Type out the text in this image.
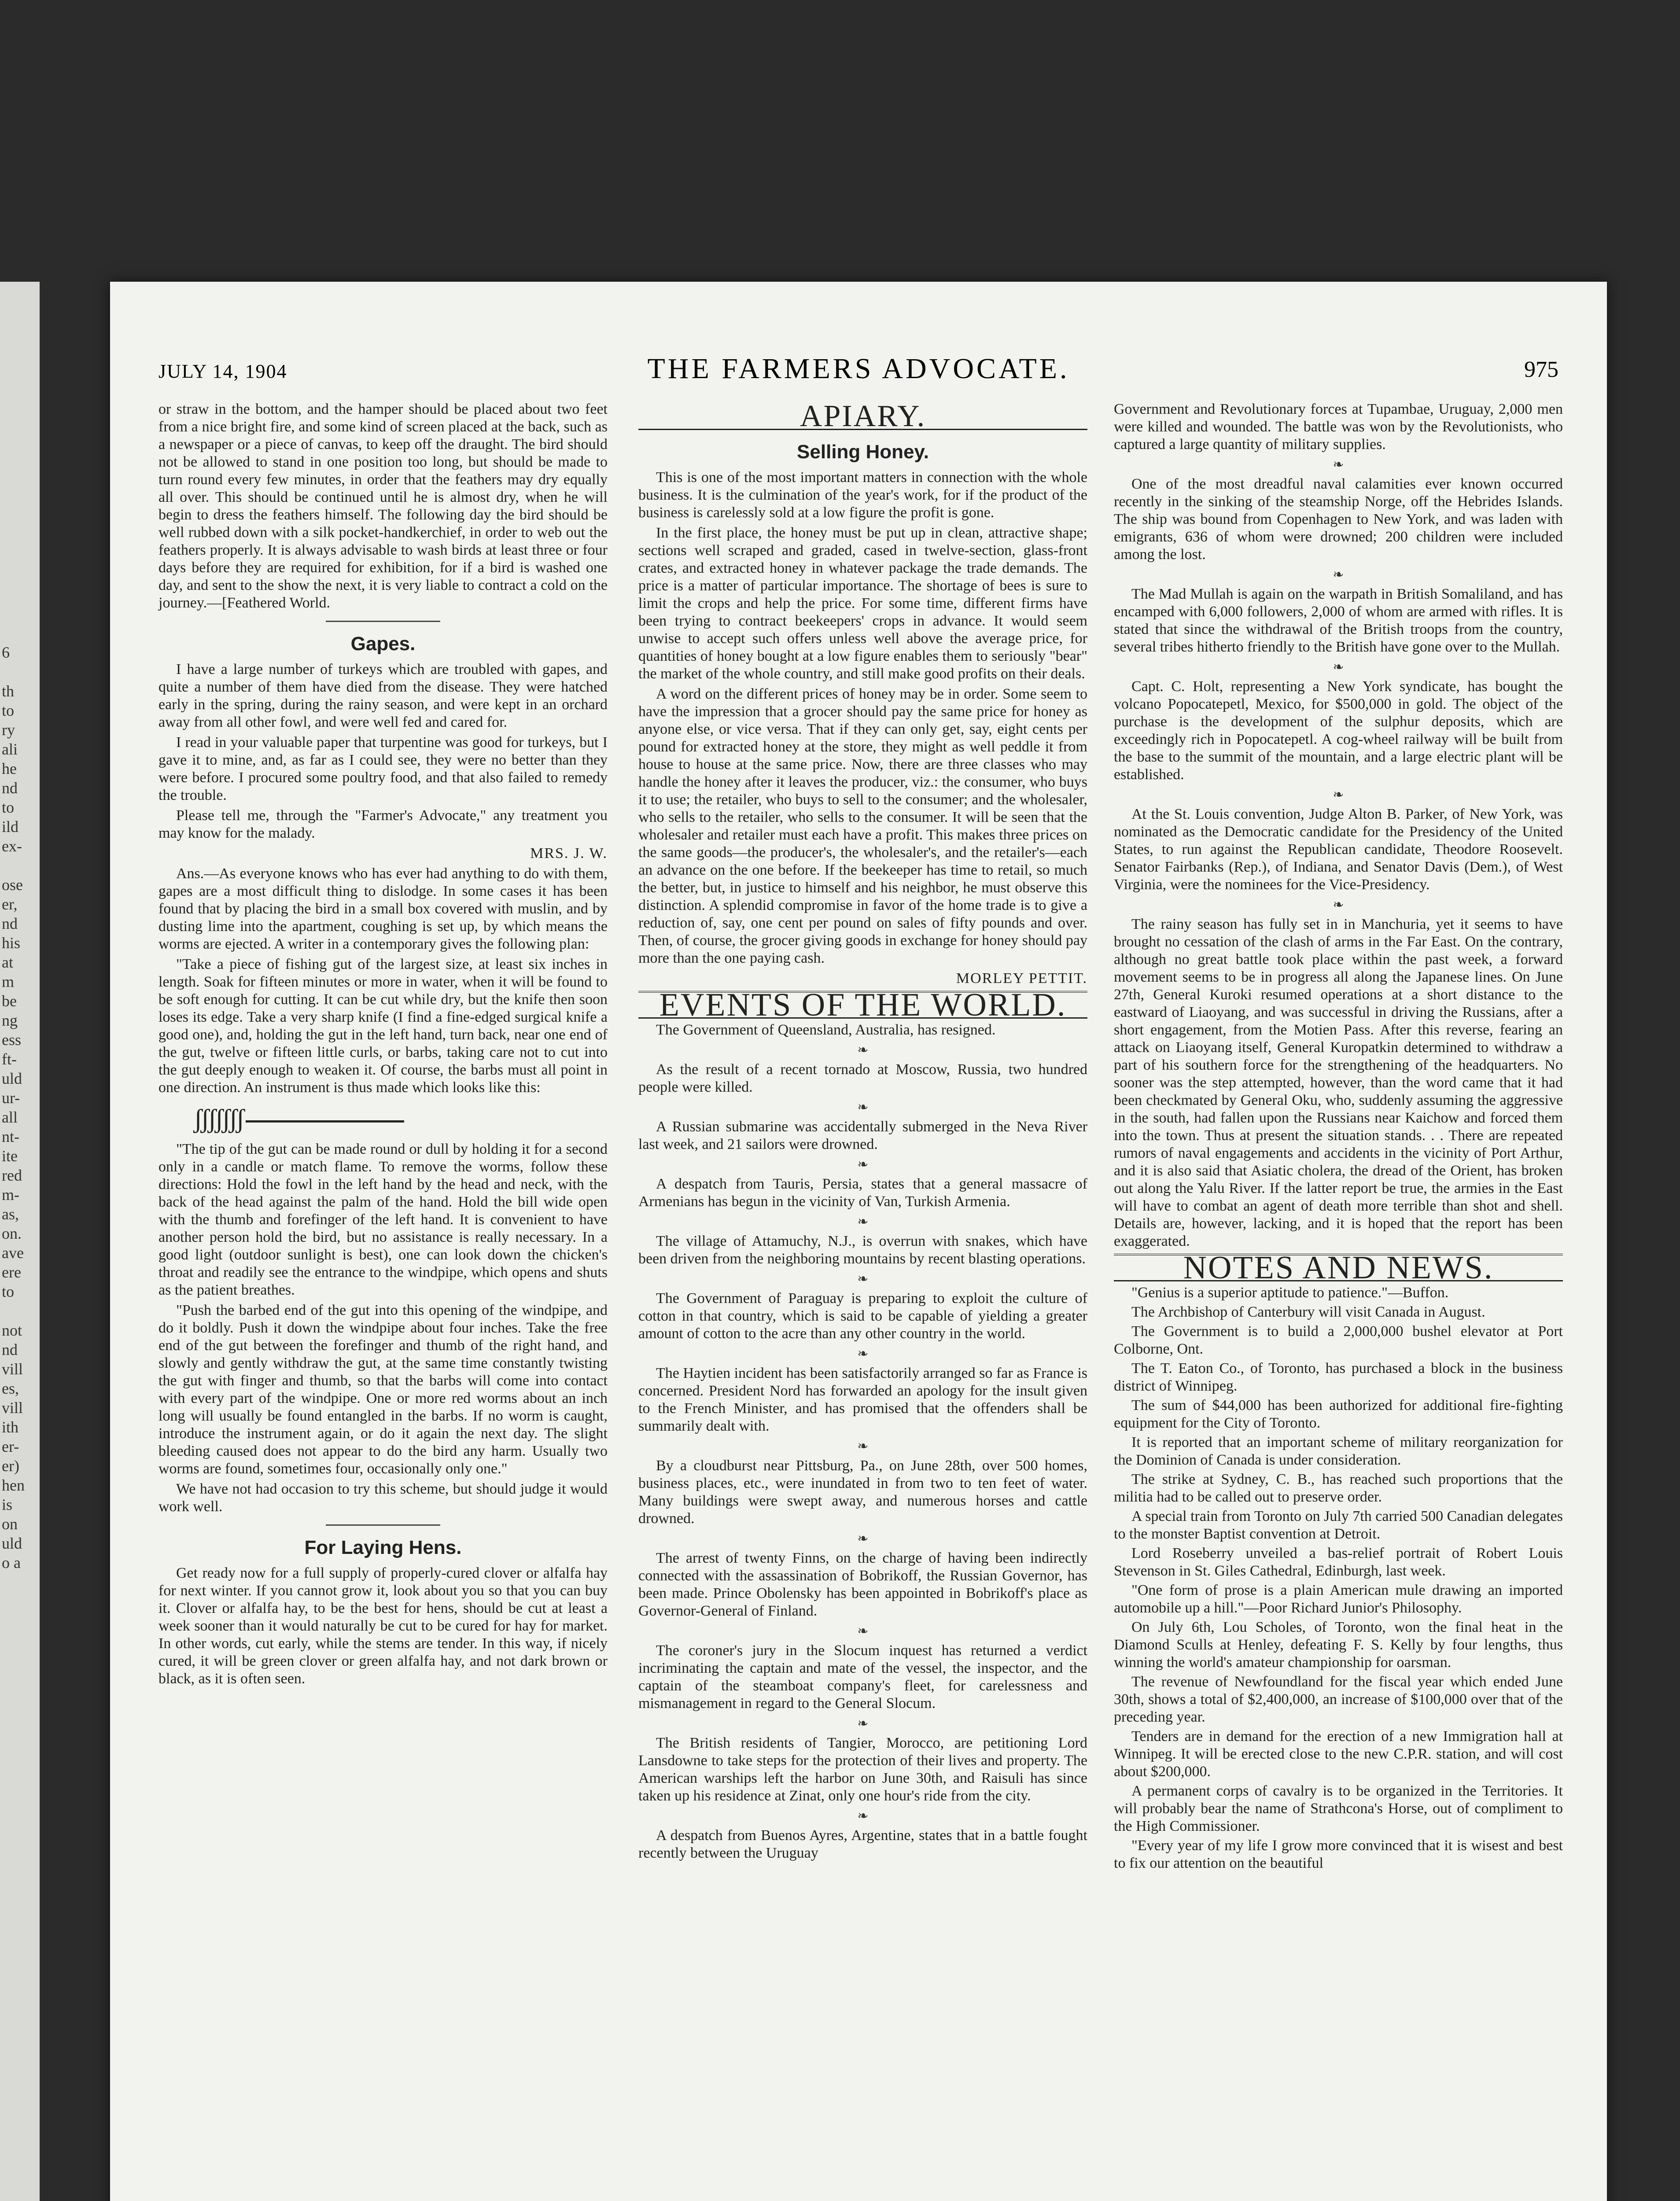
6

th
to
ry
ali
he
nd
to
ild
ex-

ose
er,
nd
his
at
m
be
ng
ess
ft-
uld
ur-
all
nt-
ite
red
m-
as,
on.
ave
ere
to

not
nd
vill
es,
vill
ith
er-
er)
hen
is
on
uld
o a
JULY 14, 1904	THE FARMERS ADVOCATE.	975

or straw in the bottom, and the hamper should be placed about two feet from a nice bright fire, and some kind of screen placed at the back, such as a newspaper or a piece of canvas, to keep off the draught. The bird should not be allowed to stand in one position too long, but should be made to turn round every few minutes, in order that the feathers may dry equally all over. This should be continued until he is almost dry, when he will begin to dress the feathers himself. The following day the bird should be well rubbed down with a silk pocket-handkerchief, in order to web out the feathers properly. It is always advisable to wash birds at least three or four days before they are required for exhibition, for if a bird is washed one day, and sent to the show the next, it is very liable to contract a cold on the journey.—[Feathered World.

Gapes.

I have a large number of turkeys which are troubled with gapes, and quite a number of them have died from the disease. They were hatched early in the spring, during the rainy season, and were kept in an orchard away from all other fowl, and were well fed and cared for.

I read in your valuable paper that turpentine was good for turkeys, but I gave it to mine, and, as far as I could see, they were no better than they were before. I procured some poultry food, and that also failed to remedy the trouble.

Please tell me, through the "Farmer's Advocate," any treatment you may know for the malady.

MRS. J. W.

Ans.—As everyone knows who has ever had anything to do with them, gapes are a most difficult thing to dislodge. In some cases it has been found that by placing the bird in a small box covered with muslin, and by dusting lime into the apartment, coughing is set up, by which means the worms are ejected. A writer in a contemporary gives the following plan:

"Take a piece of fishing gut of the largest size, at least six inches in length. Soak for fifteen minutes or more in water, when it will be found to be soft enough for cutting. It can be cut while dry, but the knife then soon loses its edge. Take a very sharp knife (I find a fine-edged surgical knife a good one), and, holding the gut in the left hand, turn back, near one end of the gut, twelve or fifteen little curls, or barbs, taking care not to cut into the gut deeply enough to weaken it. Of course, the barbs must all point in one direction. An instrument is thus made which looks like this:

ʃʃʃʃʃʃʃ

"The tip of the gut can be made round or dull by holding it for a second only in a candle or match flame. To remove the worms, follow these directions: Hold the fowl in the left hand by the head and neck, with the back of the head against the palm of the hand. Hold the bill wide open with the thumb and forefinger of the left hand. It is convenient to have another person hold the bird, but no assistance is really necessary. In a good light (outdoor sunlight is best), one can look down the chicken's throat and readily see the entrance to the windpipe, which opens and shuts as the patient breathes.

"Push the barbed end of the gut into this opening of the windpipe, and do it boldly. Push it down the windpipe about four inches. Take the free end of the gut between the forefinger and thumb of the right hand, and slowly and gently withdraw the gut, at the same time constantly twisting the gut with finger and thumb, so that the barbs will come into contact with every part of the windpipe. One or more red worms about an inch long will usually be found entangled in the barbs. If no worm is caught, introduce the instrument again, or do it again the next day. The slight bleeding caused does not appear to do the bird any harm. Usually two worms are found, sometimes four, occasionally only one."

We have not had occasion to try this scheme, but should judge it would work well.

For Laying Hens.

Get ready now for a full supply of properly-cured clover or alfalfa hay for next winter. If you cannot grow it, look about you so that you can buy it. Clover or alfalfa hay, to be the best for hens, should be cut at least a week sooner than it would naturally be cut to be cured for hay for market. In other words, cut early, while the stems are tender. In this way, if nicely cured, it will be green clover or green alfalfa hay, and not dark brown or black, as it is often seen.

APIARY.
Selling Honey.

This is one of the most important matters in connection with the whole business. It is the culmination of the year's work, for if the product of the business is carelessly sold at a low figure the profit is gone.

In the first place, the honey must be put up in clean, attractive shape; sections well scraped and graded, cased in twelve-section, glass-front crates, and extracted honey in whatever package the trade demands. The price is a matter of particular importance. The shortage of bees is sure to limit the crops and help the price. For some time, different firms have been trying to contract beekeepers' crops in advance. It would seem unwise to accept such offers unless well above the average price, for quantities of honey bought at a low figure enables them to seriously "bear" the market of the whole country, and still make good profits on their deals.

A word on the different prices of honey may be in order. Some seem to have the impression that a grocer should pay the same price for honey as anyone else, or vice versa. That if they can only get, say, eight cents per pound for extracted honey at the store, they might as well peddle it from house to house at the same price. Now, there are three classes who may handle the honey after it leaves the producer, viz.: the consumer, who buys it to use; the retailer, who buys to sell to the consumer; and the wholesaler, who sells to the retailer, who sells to the consumer. It will be seen that the wholesaler and retailer must each have a profit. This makes three prices on the same goods—the producer's, the wholesaler's, and the retailer's—each an advance on the one before. If the beekeeper has time to retail, so much the better, but, in justice to himself and his neighbor, he must observe this distinction. A splendid compromise in favor of the home trade is to give a reduction of, say, one cent per pound on sales of fifty pounds and over. Then, of course, the grocer giving goods in exchange for honey should pay more than the one paying cash.

MORLEY PETTIT.

EVENTS OF THE WORLD.

The Government of Queensland, Australia, has resigned.

❧

As the result of a recent tornado at Moscow, Russia, two hundred people were killed.

❧

A Russian submarine was accidentally submerged in the Neva River last week, and 21 sailors were drowned.

❧

A despatch from Tauris, Persia, states that a general massacre of Armenians has begun in the vicinity of Van, Turkish Armenia.

❧

The village of Attamuchy, N.J., is overrun with snakes, which have been driven from the neighboring mountains by recent blasting operations.

❧

The Government of Paraguay is preparing to exploit the culture of cotton in that country, which is said to be capable of yielding a greater amount of cotton to the acre than any other country in the world.

❧

The Haytien incident has been satisfactorily arranged so far as France is concerned. President Nord has forwarded an apology for the insult given to the French Minister, and has promised that the offenders shall be summarily dealt with.

❧

By a cloudburst near Pittsburg, Pa., on June 28th, over 500 homes, business places, etc., were inundated in from two to ten feet of water. Many buildings were swept away, and numerous horses and cattle drowned.

❧

The arrest of twenty Finns, on the charge of having been indirectly connected with the assassination of Bobrikoff, the Russian Governor, has been made. Prince Obolensky has been appointed in Bobrikoff's place as Governor-General of Finland.

❧

The coroner's jury in the Slocum inquest has returned a verdict incriminating the captain and mate of the vessel, the inspector, and the captain of the steamboat company's fleet, for carelessness and mismanagement in regard to the General Slocum.

❧

The British residents of Tangier, Morocco, are petitioning Lord Lansdowne to take steps for the protection of their lives and property. The American warships left the harbor on June 30th, and Raisuli has since taken up his residence at Zinat, only one hour's ride from the city.

❧

A despatch from Buenos Ayres, Argentine, states that in a battle fought recently between the Uruguay

Government and Revolutionary forces at Tupambae, Uruguay, 2,000 men were killed and wounded. The battle was won by the Revolutionists, who captured a large quantity of military supplies.

❧

One of the most dreadful naval calamities ever known occurred recently in the sinking of the steamship Norge, off the Hebrides Islands. The ship was bound from Copenhagen to New York, and was laden with emigrants, 636 of whom were drowned; 200 children were included among the lost.

❧

The Mad Mullah is again on the warpath in British Somaliland, and has encamped with 6,000 followers, 2,000 of whom are armed with rifles. It is stated that since the withdrawal of the British troops from the country, several tribes hitherto friendly to the British have gone over to the Mullah.

❧

Capt. C. Holt, representing a New York syndicate, has bought the volcano Popocatepetl, Mexico, for $500,000 in gold. The object of the purchase is the development of the sulphur deposits, which are exceedingly rich in Popocatepetl. A cog-wheel railway will be built from the base to the summit of the mountain, and a large electric plant will be established.

❧

At the St. Louis convention, Judge Alton B. Parker, of New York, was nominated as the Democratic candidate for the Presidency of the United States, to run against the Republican candidate, Theodore Roosevelt. Senator Fairbanks (Rep.), of Indiana, and Senator Davis (Dem.), of West Virginia, were the nominees for the Vice-Presidency.

❧

The rainy season has fully set in in Manchuria, yet it seems to have brought no cessation of the clash of arms in the Far East. On the contrary, although no great battle took place within the past week, a forward movement seems to be in progress all along the Japanese lines. On June 27th, General Kuroki resumed operations at a short distance to the eastward of Liaoyang, and was successful in driving the Russians, after a short engagement, from the Motien Pass. After this reverse, fearing an attack on Liaoyang itself, General Kuropatkin determined to withdraw a part of his southern force for the strengthening of the headquarters. No sooner was the step attempted, however, than the word came that it had been checkmated by General Oku, who, suddenly assuming the aggressive in the south, had fallen upon the Russians near Kaichow and forced them into the town. Thus at present the situation stands. . . There are repeated rumors of naval engagements and accidents in the vicinity of Port Arthur, and it is also said that Asiatic cholera, the dread of the Orient, has broken out along the Yalu River. If the latter report be true, the armies in the East will have to combat an agent of death more terrible than shot and shell. Details are, however, lacking, and it is hoped that the report has been exaggerated.

NOTES AND NEWS.

"Genius is a superior aptitude to patience."—Buffon.

The Archbishop of Canterbury will visit Canada in August.

The Government is to build a 2,000,000 bushel elevator at Port Colborne, Ont.

The T. Eaton Co., of Toronto, has purchased a block in the business district of Winnipeg.

The sum of $44,000 has been authorized for additional fire-fighting equipment for the City of Toronto.

It is reported that an important scheme of military reorganization for the Dominion of Canada is under consideration.

The strike at Sydney, C. B., has reached such proportions that the militia had to be called out to preserve order.

A special train from Toronto on July 7th carried 500 Canadian delegates to the monster Baptist convention at Detroit.

Lord Roseberry unveiled a bas-relief portrait of Robert Louis Stevenson in St. Giles Cathedral, Edinburgh, last week.

"One form of prose is a plain American mule drawing an imported automobile up a hill."—Poor Richard Junior's Philosophy.

On July 6th, Lou Scholes, of Toronto, won the final heat in the Diamond Sculls at Henley, defeating F. S. Kelly by four lengths, thus winning the world's amateur championship for oarsman.

The revenue of Newfoundland for the fiscal year which ended June 30th, shows a total of $2,400,000, an increase of $100,000 over that of the preceding year.

Tenders are in demand for the erection of a new Immigration hall at Winnipeg. It will be erected close to the new C.P.R. station, and will cost about $200,000.

A permanent corps of cavalry is to be organized in the Territories. It will probably bear the name of Strathcona's Horse, out of compliment to the High Commissioner.

"Every year of my life I grow more convinced that it is wisest and best to fix our attention on the beautiful
